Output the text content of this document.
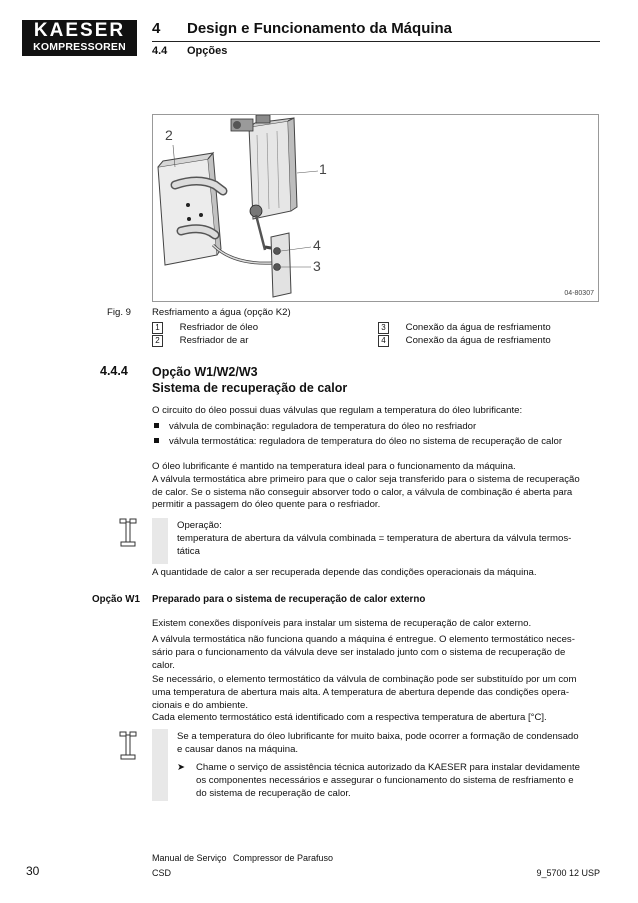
KAESER
KOMPRESSOREN
4 Design e Funcionamento da Máquina
4.4 Opções
1
2
3
4
04-80307
Fig. 9 Resfriamento a água (opção K2)
1 Resfriador de óleo
2 Resfriador de ar
3 Conexão da água de resfriamento
4 Conexão da água de resfriamento
4.4.4 Opção W1/W2/W3
Sistema de recuperação de calor
O circuito do óleo possui duas válvulas que regulam a temperatura do óleo lubrificante:
válvula de combinação: reguladora de temperatura do óleo no resfriador
válvula termostática: reguladora de temperatura do óleo no sistema de recuperação de calor
O óleo lubrificante é mantido na temperatura ideal para o funcionamento da máquina.
A válvula termostática abre primeiro para que o calor seja transferido para o sistema de recuperação
de calor. Se o sistema não conseguir absorver todo o calor, a válvula de combinação é aberta para
permitir a passagem do óleo quente para o resfriador.
Operação:
temperatura de abertura da válvula combinada = temperatura de abertura da válvula termos-
tática
A quantidade de calor a ser recuperada depende das condições operacionais da máquina.
Opção W1 Preparado para o sistema de recuperação de calor externo
Existem conexões disponíveis para instalar um sistema de recuperação de calor externo.
A válvula termostática não funciona quando a máquina é entregue. O elemento termostático neces-
sário para o funcionamento da válvula deve ser instalado junto com o sistema de recuperação de
calor.
Se necessário, o elemento termostático da válvula de combinação pode ser substituído por um com
uma temperatura de abertura mais alta. A temperatura de abertura depende das condições opera-
cionais e do ambiente.
Cada elemento termostático está identificado com a respectiva temperatura de abertura [°C].
Se a temperatura do óleo lubrificante for muito baixa, pode ocorrer a formação de condensado
e causar danos na máquina.
➤	Chame o serviço de assistência técnica autorizado da KAESER para instalar devidamente
os componentes necessários e assegurar o funcionamento do sistema de resfriamento e
do sistema de recuperação de calor.
30
Manual de Serviço Compressor de Parafuso
CSD	9_5700 12 USP
